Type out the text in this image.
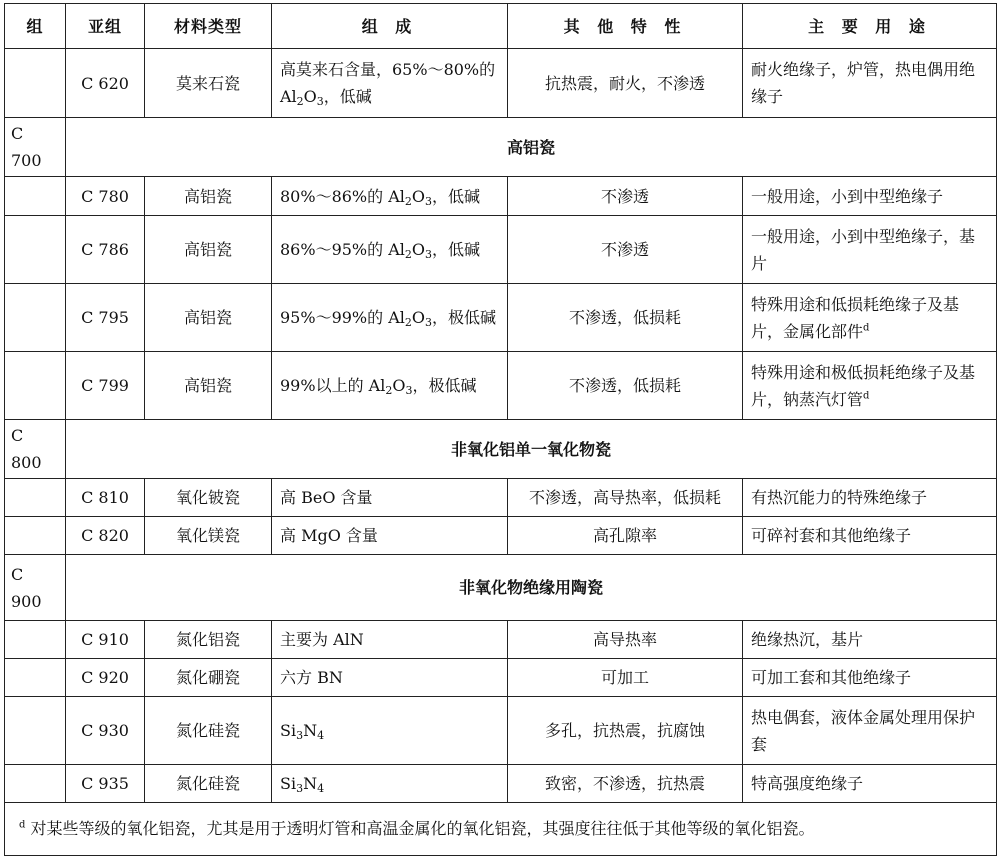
组	亚组	材料类型	组 成	其 他 特 性	主 要 用 途
	C 620	莫来石瓷	高莫来石含量，65%～80%的 $Al_2O_3$，低碱	抗热震，耐火，不渗透	耐火绝缘子，炉管，热电偶用绝缘子
C 700	高铝瓷				
	C 780	高铝瓷	80%～86%的 $Al_2O_3$，低碱	不渗透	一般用途，小到中型绝缘子
	C 786	高铝瓷	86%～95%的 $Al_2O_3$，低碱	不渗透	一般用途，小到中型绝缘子，基片
	C 795	高铝瓷	95%～99%的 $Al_2O_3$，极低碱	不渗透，低损耗	特殊用途和低损耗绝缘子及基片，金属化部件$^d$
	C 799	高铝瓷	99%以上的 $Al_2O_3$，极低碱	不渗透，低损耗	特殊用途和极低损耗绝缘子及基片，钠蒸汽灯管$^d$
C 800	非氧化铝单一氧化物瓷				
	C 810	氧化铍瓷	高 BeO 含量	不渗透，高导热率，低损耗	有热沉能力的特殊绝缘子
	C 820	氧化镁瓷	高 MgO 含量	高孔隙率	可碎衬套和其他绝缘子
C 900	非氧化物绝缘用陶瓷				
	C 910	氮化铝瓷	主要为 AlN	高导热率	绝缘热沉，基片
	C 920	氮化硼瓷	六方 BN	可加工	可加工套和其他绝缘子
	C 930	氮化硅瓷	$Si_3N_4$	多孔，抗热震，抗腐蚀	热电偶套，液体金属处理用保护套
	C 935	氮化硅瓷	$Si_3N_4$	致密，不渗透，抗热震	特高强度绝缘子
$^d$ 对某些等级的氧化铝瓷，尤其是用于透明灯管和高温金属化的氧化铝瓷，其强度往往低于其他等级的氧化铝瓷。					
